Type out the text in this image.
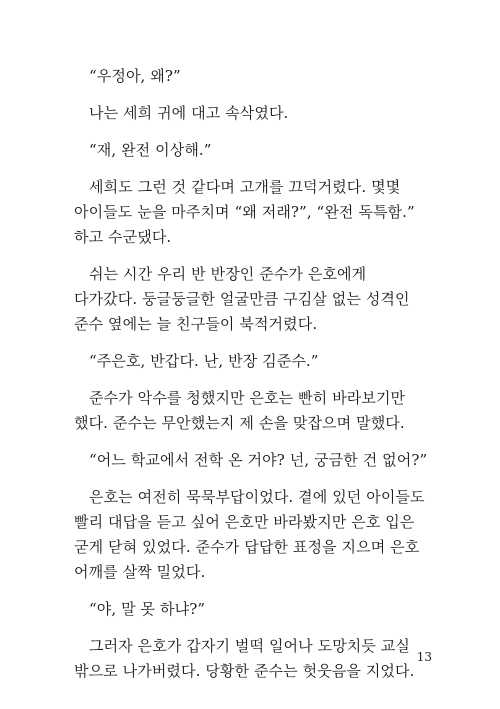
“우정아, 왜?”

나는 세희 귀에 대고 속삭였다.

“재, 완전 이상해.”

세희도 그런 것 같다며 고개를 끄덕거렸다. 몇몇 아이들도 눈을 마주치며 “왜 저래?”, “완전 독특함.” 하고 수군댔다.

쉬는 시간 우리 반 반장인 준수가 은호에게 다가갔다. 둥글둥글한 얼굴만큼 구김살 없는 성격인 준수 옆에는 늘 친구들이 북적거렸다.

“주은호, 반갑다. 난, 반장 김준수.”

준수가 악수를 청했지만 은호는 빤히 바라보기만 했다. 준수는 무안했는지 제 손을 맞잡으며 말했다.

“어느 학교에서 전학 온 거야? 넌, 궁금한 건 없어?”

은호는 여전히 묵묵부답이었다. 곁에 있던 아이들도 빨리 대답을 듣고 싶어 은호만 바라봤지만 은호 입은 굳게 닫혀 있었다. 준수가 답답한 표정을 지으며 은호 어깨를 살짝 밀었다.

“야, 말 못 하냐?”

그러자 은호가 갑자기 벌떡 일어나 도망치듯 교실 밖으로 나가버렸다. 당황한 준수는 헛웃음을 지었다.

13
